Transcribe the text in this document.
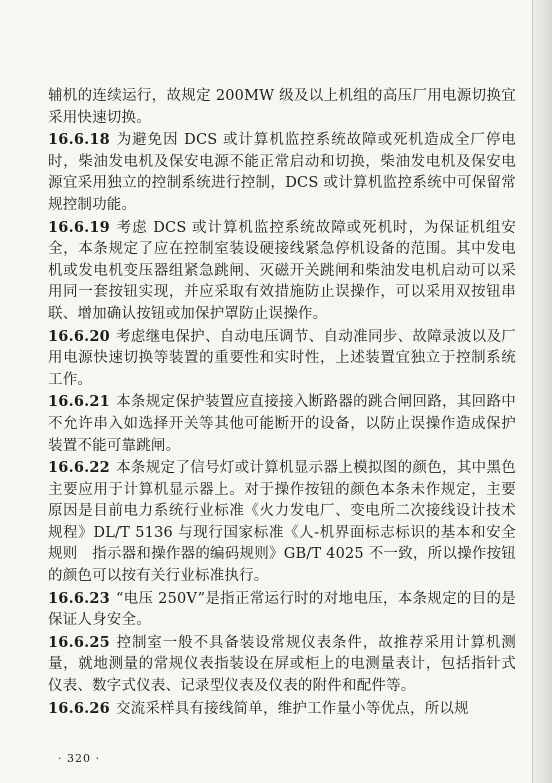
辅机的连续运行，故规定 200MW 级及以上机组的高压厂用电源切换宜采用快速切换。

16.6.18 为避免因 DCS 或计算机监控系统故障或死机造成全厂停电时，柴油发电机及保安电源不能正常启动和切换，柴油发电机及保安电源宜采用独立的控制系统进行控制，DCS 或计算机监控系统中可保留常规控制功能。

16.6.19 考虑 DCS 或计算机监控系统故障或死机时，为保证机组安全，本条规定了应在控制室装设硬接线紧急停机设备的范围。其中发电机或发电机变压器组紧急跳闸、灭磁开关跳闸和柴油发电机启动可以采用同一套按钮实现，并应采取有效措施防止误操作，可以采用双按钮串联、增加确认按钮或加保护罩防止误操作。

16.6.20 考虑继电保护、自动电压调节、自动准同步、故障录波以及厂用电源快速切换等装置的重要性和实时性，上述装置宜独立于控制系统工作。

16.6.21 本条规定保护装置应直接接入断路器的跳合闸回路，其回路中不允许串入如选择开关等其他可能断开的设备，以防止误操作造成保护装置不能可靠跳闸。

16.6.22 本条规定了信号灯或计算机显示器上模拟图的颜色，其中黑色主要应用于计算机显示器上。对于操作按钮的颜色本条未作规定，主要原因是目前电力系统行业标准《火力发电厂、变电所二次接线设计技术规程》DL/T 5136 与现行国家标准《人-机界面标志标识的基本和安全规则　指示器和操作器的编码规则》GB/T 4025 不一致，所以操作按钮的颜色可以按有关行业标准执行。

16.6.23 “电压 250V”是指正常运行时的对地电压，本条规定的目的是保证人身安全。

16.6.25 控制室一般不具备装设常规仪表条件，故推荐采用计算机测量，就地测量的常规仪表指装设在屏或柜上的电测量表计，包括指针式仪表、数字式仪表、记录型仪表及仪表的附件和配件等。

16.6.26 交流采样具有接线简单，维护工作量小等优点，所以规

· 320 ·
